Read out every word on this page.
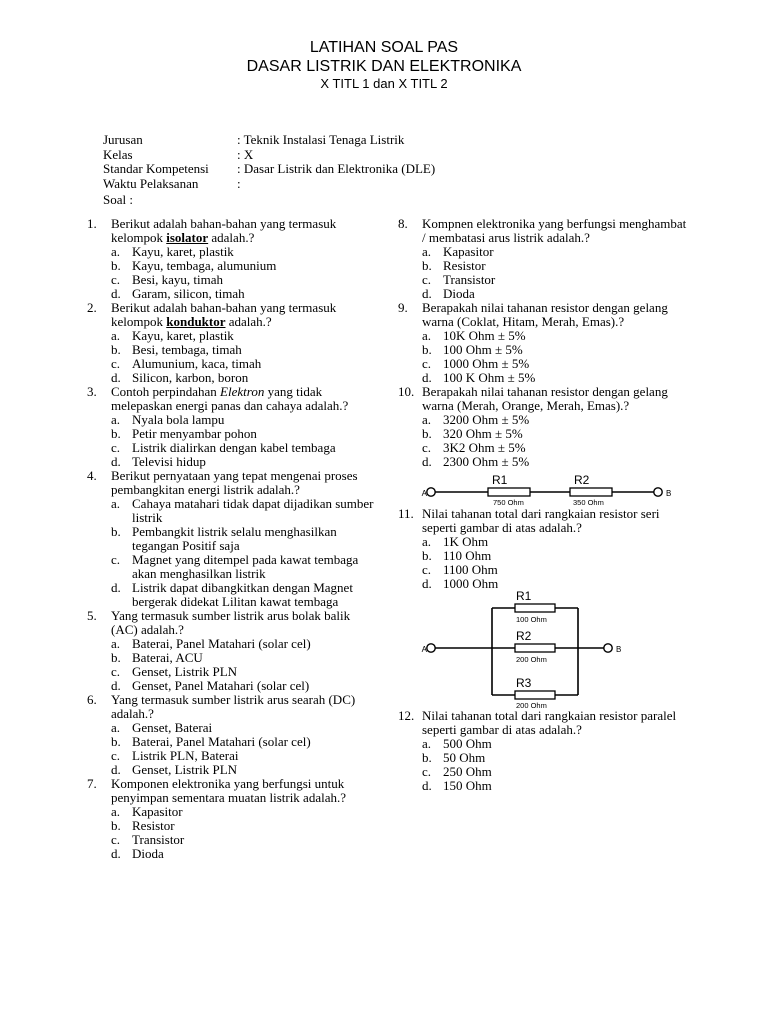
LATIHAN SOAL PAS
DASAR LISTRIK DAN ELEKTRONIKA
X TITL 1 dan X TITL 2
Jurusan	: Teknik Instalasi Tenaga Listrik
Kelas	: X
Standar Kompetensi	: Dasar Listrik dan Elektronika (DLE)
Waktu Pelaksanan	:
Soal :
1.	Berikut adalah bahan-bahan yang termasuk kelompok isolator adalah.?
a. Kayu, karet, plastik
b. Kayu, tembaga, alumunium
c. Besi, kayu, timah
d. Garam, silicon, timah
2.	Berikut adalah bahan-bahan yang termasuk kelompok konduktor adalah.?
a. Kayu, karet, plastik
b. Besi, tembaga, timah
c. Alumunium, kaca, timah
d. Silicon, karbon, boron
3.	Contoh perpindahan Elektron yang tidak melepaskan energi panas dan cahaya adalah.?
a. Nyala bola lampu
b. Petir menyambar pohon
c. Listrik dialirkan dengan kabel tembaga
d. Televisi hidup
4.	Berikut pernyataan yang tepat mengenai proses pembangkitan energi listrik adalah.?
a. Cahaya matahari tidak dapat dijadikan sumber listrik
b. Pembangkit listrik selalu menghasilkan tegangan Positif saja
c. Magnet yang ditempel pada kawat tembaga akan menghasilkan listrik
d. Listrik dapat dibangkitkan dengan Magnet bergerak didekat Lilitan kawat tembaga
5.	Yang termasuk sumber listrik arus bolak balik (AC) adalah.?
a. Baterai, Panel Matahari (solar cel)
b. Baterai, ACU
c. Genset, Listrik PLN
d. Genset, Panel Matahari (solar cel)
6.	Yang termasuk sumber listrik arus searah (DC) adalah.?
a. Genset, Baterai
b. Baterai, Panel Matahari (solar cel)
c. Listrik PLN, Baterai
d. Genset, Listrik PLN
7.	Komponen elektronika yang berfungsi untuk penyimpan sementara muatan listrik adalah.?
a. Kapasitor
b. Resistor
c. Transistor
d. Dioda
8.	Kompnen elektronika yang berfungsi menghambat / membatasi arus listrik adalah.?
a. Kapasitor
b. Resistor
c. Transistor
d. Dioda
9.	Berapakah nilai tahanan resistor dengan gelang warna (Coklat, Hitam, Merah, Emas).?
a. 10K Ohm ± 5%
b. 100 Ohm ± 5%
c. 1000 Ohm ± 5%
d. 100 K Ohm ± 5%
10. Berapakah nilai tahanan resistor dengan gelang warna (Merah, Orange, Merah, Emas).?
a. 3200 Ohm ± 5%
b. 320 Ohm ± 5%
c. 3K2 Ohm ± 5%
d. 2300 Ohm ± 5%
A	B
R1	R2
750 Ohm	350 Ohm
11. Nilai tahanan total dari rangkaian resistor seri seperti gambar di atas adalah.?
a. 1K Ohm
b. 110 Ohm
c. 1100 Ohm
d. 1000 Ohm
A	B
R1
R2
R3
100 Ohm
200 Ohm
200 Ohm
12. Nilai tahanan total dari rangkaian resistor paralel seperti gambar di atas adalah.?
a. 500 Ohm
b. 50 Ohm
c. 250 Ohm
d. 150 Ohm
